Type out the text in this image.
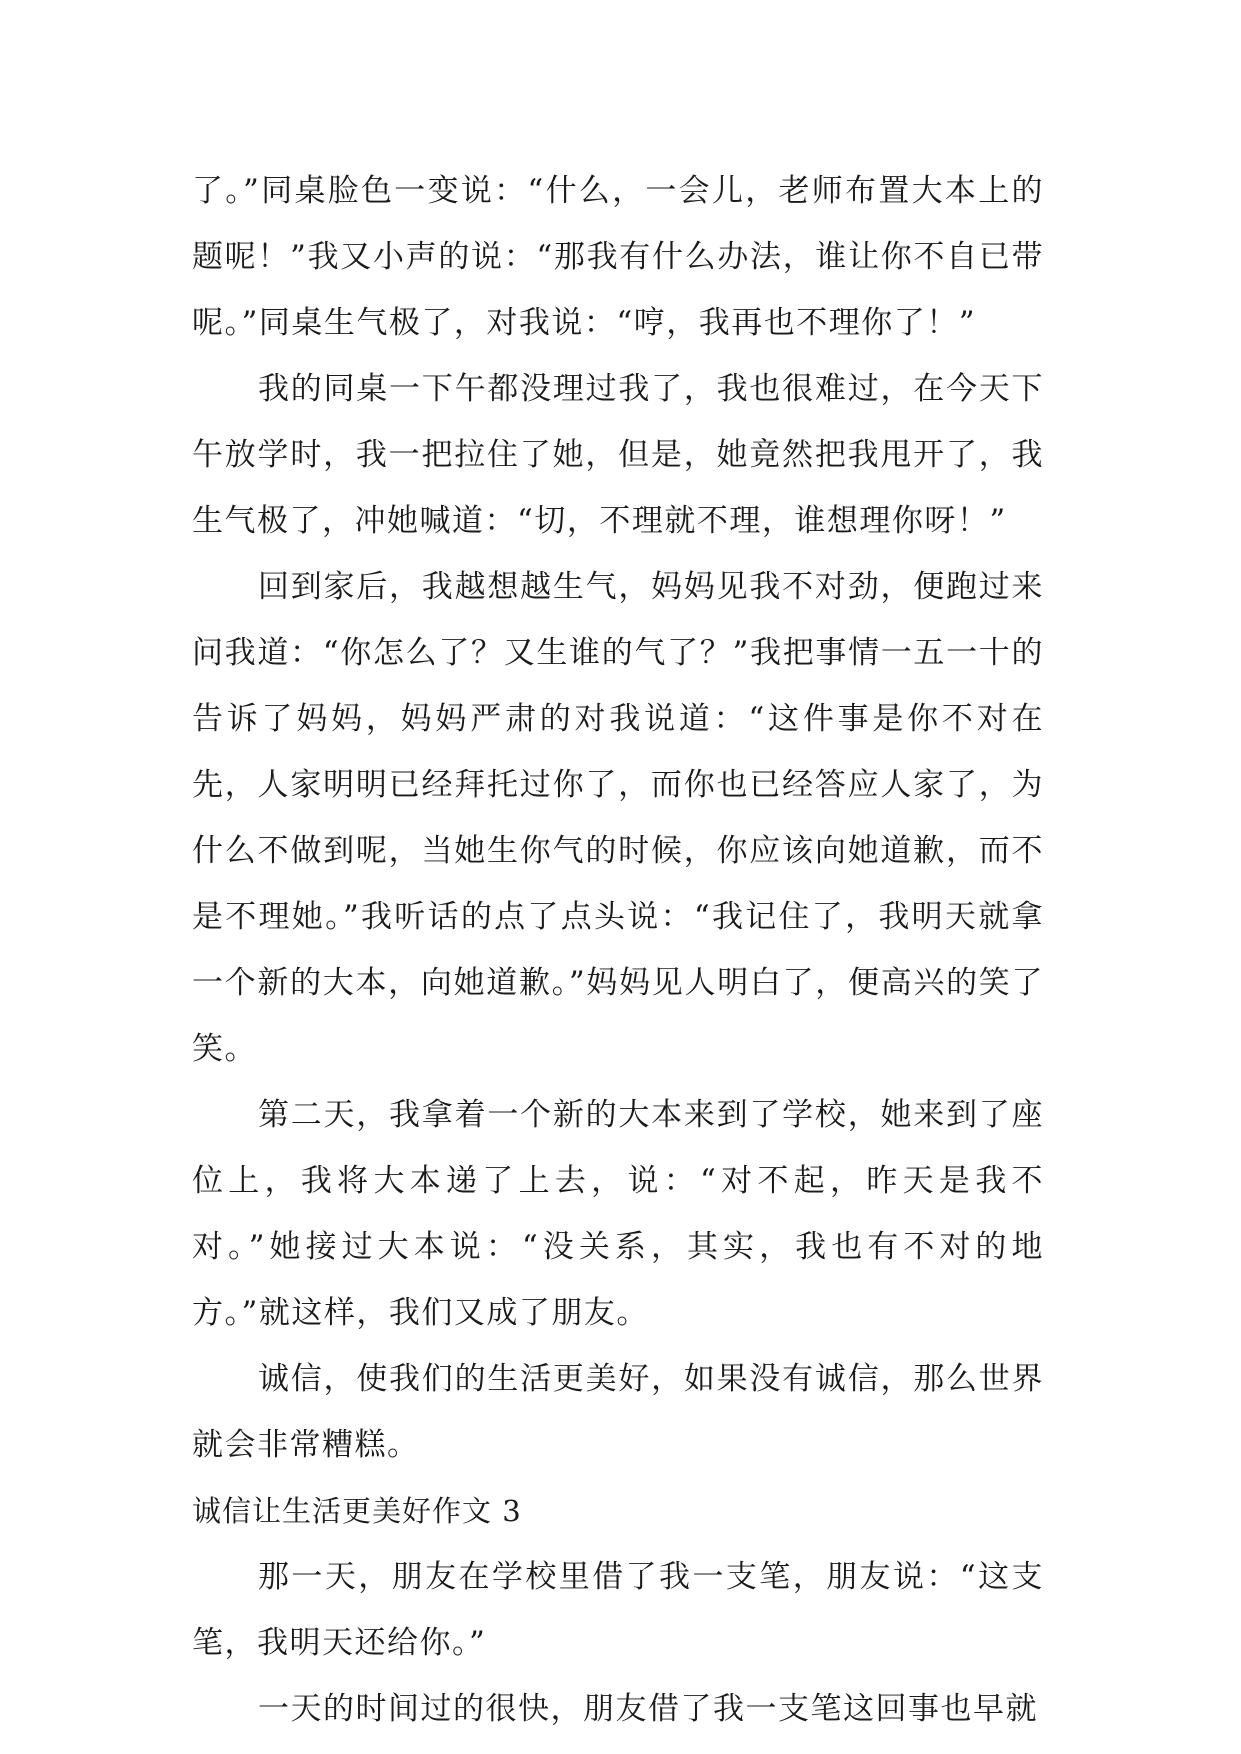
了。”同桌脸色一变说：“什么，一会儿，老师布置大本上的题呢！”我又小声的说：“那我有什么办法，谁让你不自已带呢。”同桌生气极了，对我说：“哼，我再也不理你了！”

我的同桌一下午都没理过我了，我也很难过，在今天下午放学时，我一把拉住了她，但是，她竟然把我甩开了，我生气极了，冲她喊道：“切，不理就不理，谁想理你呀！”

回到家后，我越想越生气，妈妈见我不对劲，便跑过来问我道：“你怎么了？又生谁的气了？”我把事情一五一十的告诉了妈妈，妈妈严肃的对我说道：“这件事是你不对在先，人家明明已经拜托过你了，而你也已经答应人家了，为什么不做到呢，当她生你气的时候，你应该向她道歉，而不是不理她。”我听话的点了点头说：“我记住了，我明天就拿一个新的大本，向她道歉。”妈妈见人明白了，便高兴的笑了笑。

第二天，我拿着一个新的大本来到了学校，她来到了座位上，我将大本递了上去，说：“对不起，昨天是我不对。”她接过大本说：“没关系，其实，我也有不对的地方。”就这样，我们又成了朋友。

诚信，使我们的生活更美好，如果没有诚信，那么世界就会非常糟糕。

诚信让生活更美好作文 3

那一天，朋友在学校里借了我一支笔，朋友说：“这支笔，我明天还给你。”

一天的时间过的很快，朋友借了我一支笔这回事也早就
